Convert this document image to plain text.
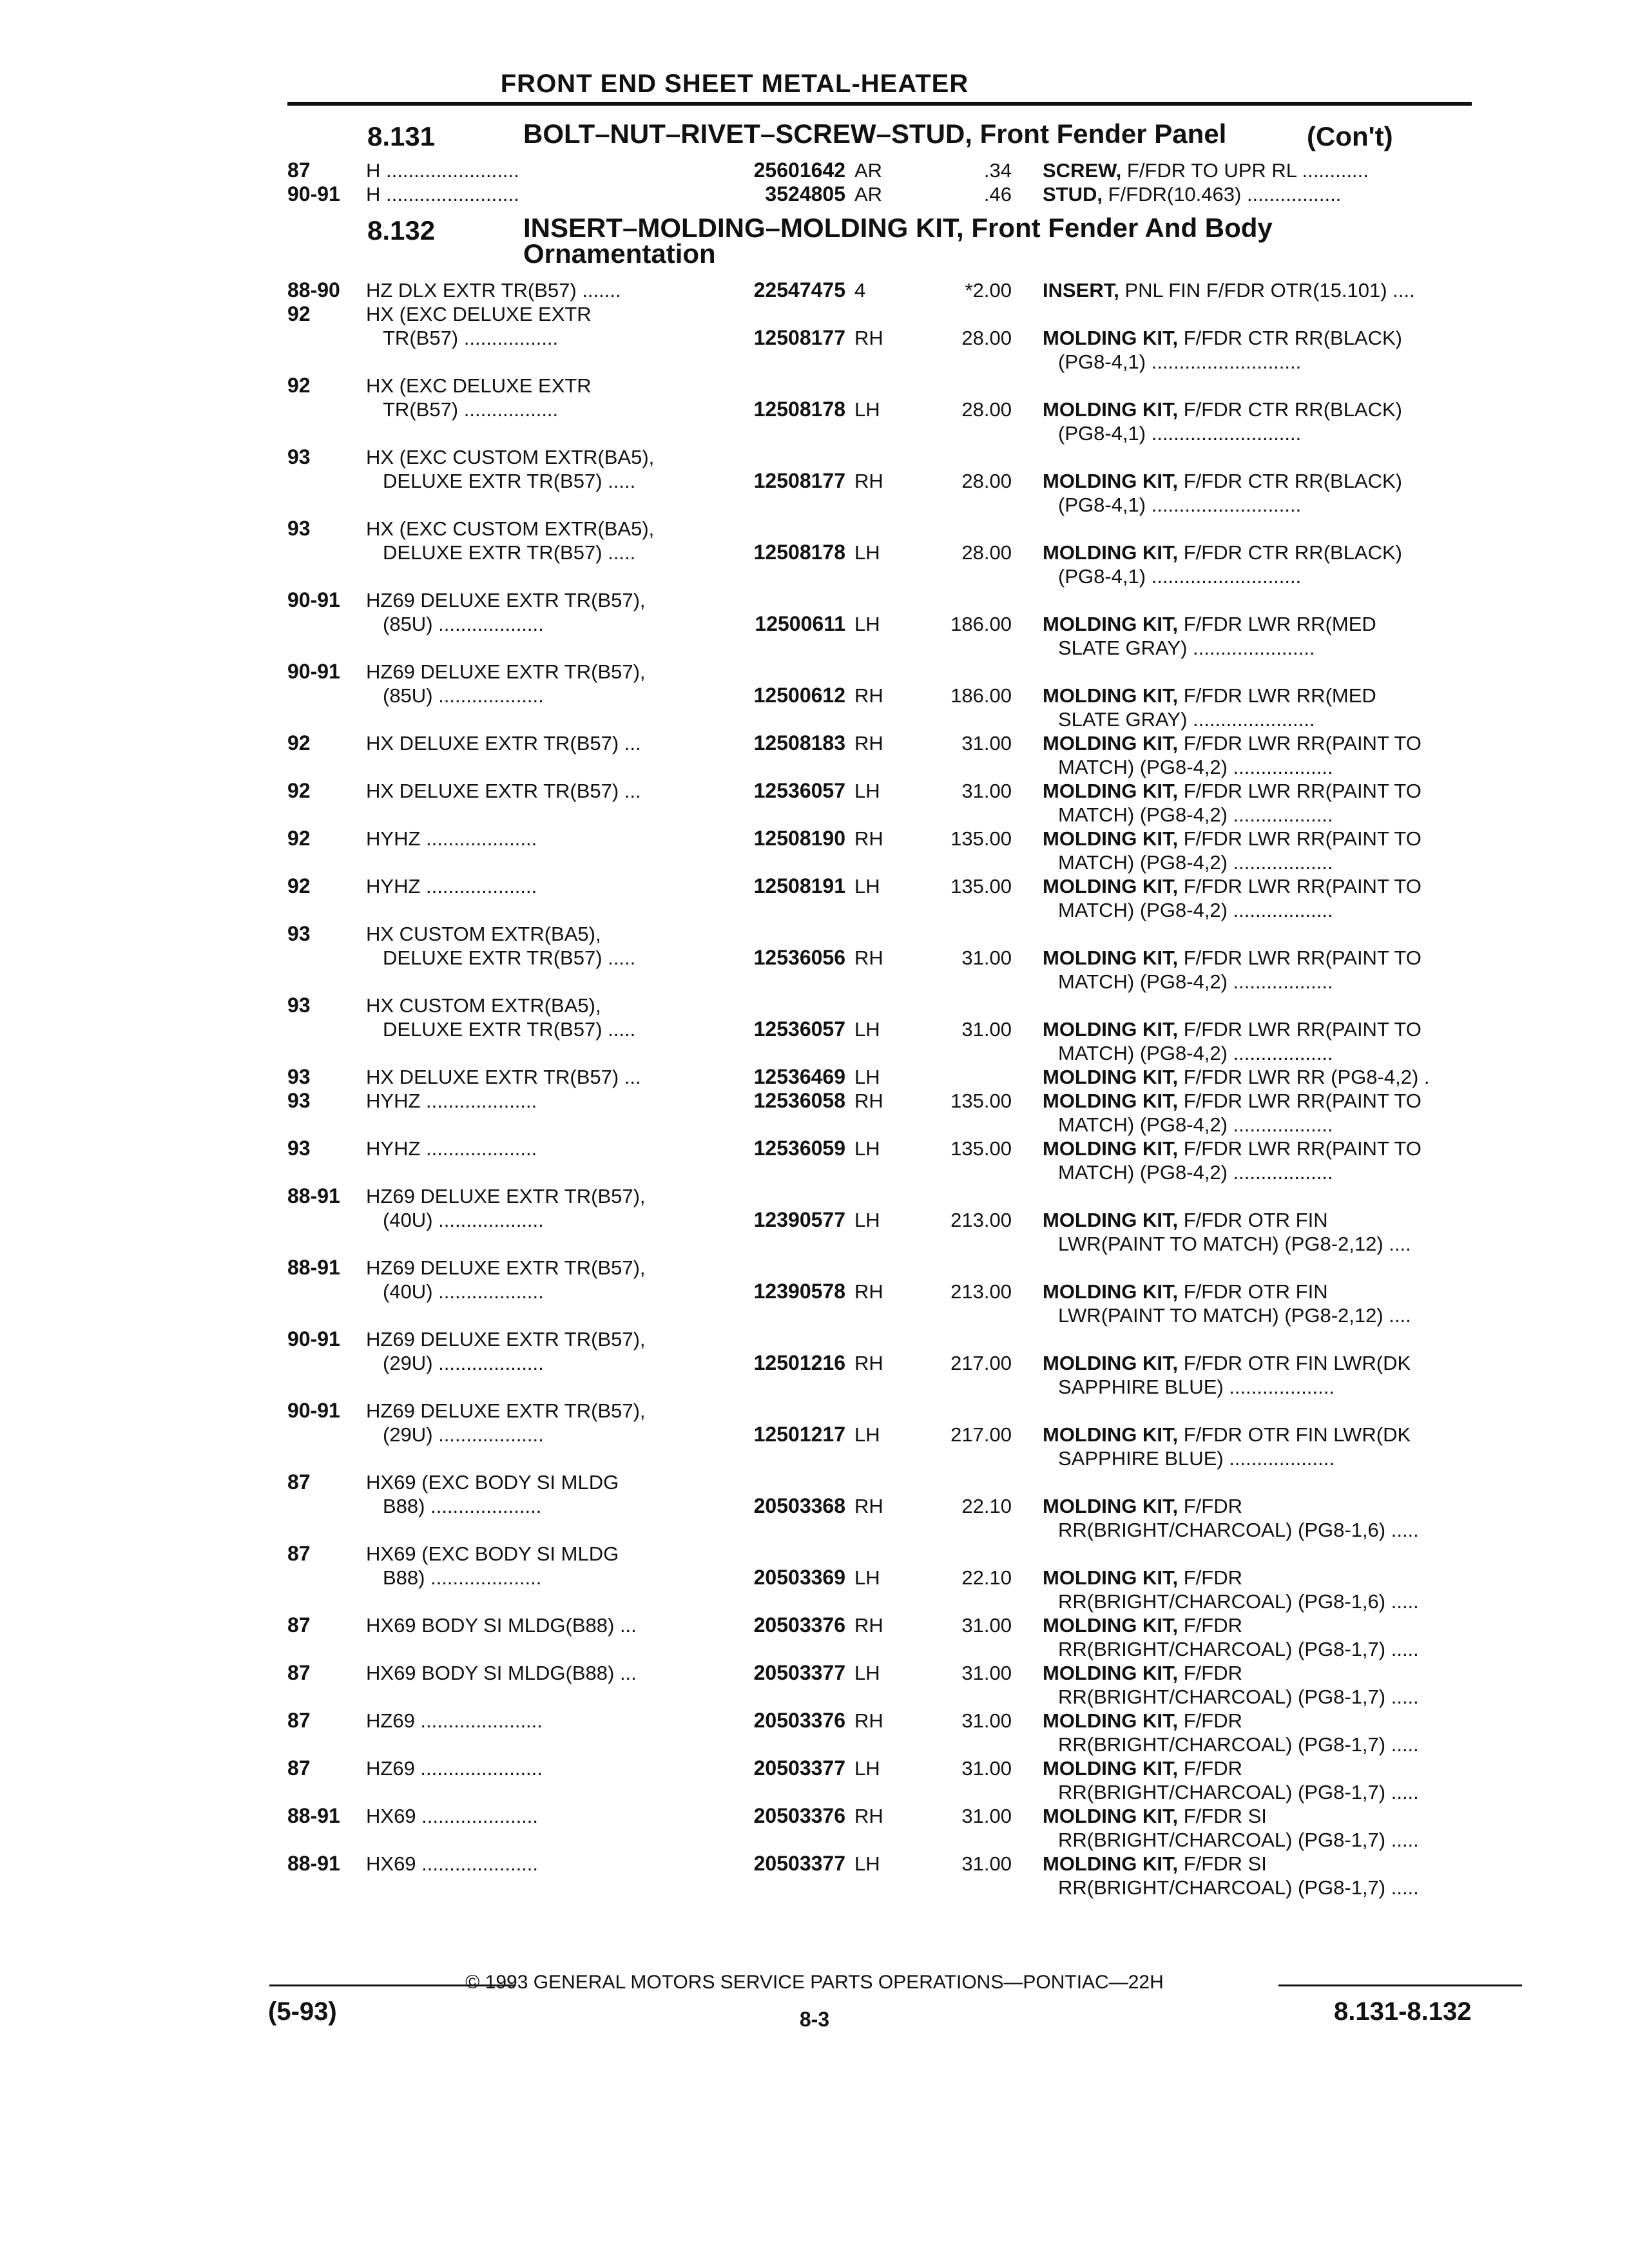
FRONT END SHEET METAL-HEATER
8.131	BOLT–NUT–RIVET–SCREW–STUD, Front Fender Panel	(Con't)
87	H ........................	25601642 AR	.34 SCREW, F/FDR TO UPR RL ............
90-91 H ........................	3524805 AR	.46 STUD, F/FDR(10.463) .................
8.132	INSERT–MOLDING–MOLDING KIT, Front Fender And Body
Ornamentation
88-90 HZ DLX EXTR TR(B57) .......	22547475 4	*2.00 INSERT, PNL FIN F/FDR OTR(15.101) ....
92	HX (EXC DELUXE EXTR
TR(B57) .................	12508177 RH	28.00 MOLDING KIT, F/FDR CTR RR(BLACK)
(PG8-4,1) ...........................
92	HX (EXC DELUXE EXTR
TR(B57) .................	12508178 LH	28.00 MOLDING KIT, F/FDR CTR RR(BLACK)
(PG8-4,1) ...........................
93	HX (EXC CUSTOM EXTR(BA5),
DELUXE EXTR TR(B57) .....	12508177 RH	28.00 MOLDING KIT, F/FDR CTR RR(BLACK)
(PG8-4,1) ...........................
93	HX (EXC CUSTOM EXTR(BA5),
DELUXE EXTR TR(B57) .....	12508178 LH	28.00 MOLDING KIT, F/FDR CTR RR(BLACK)
(PG8-4,1) ...........................
90-91 HZ69 DELUXE EXTR TR(B57),
(85U) ...................	12500611 LH	186.00 MOLDING KIT, F/FDR LWR RR(MED
SLATE GRAY) ......................
90-91 HZ69 DELUXE EXTR TR(B57),
(85U) ...................	12500612 RH	186.00 MOLDING KIT, F/FDR LWR RR(MED
SLATE GRAY) ......................
92	HX DELUXE EXTR TR(B57) ...	12508183 RH	31.00 MOLDING KIT, F/FDR LWR RR(PAINT TO
MATCH) (PG8-4,2) ..................
92	HX DELUXE EXTR TR(B57) ...	12536057 LH	31.00 MOLDING KIT, F/FDR LWR RR(PAINT TO
MATCH) (PG8-4,2) ..................
92	HYHZ ....................	12508190 RH	135.00 MOLDING KIT, F/FDR LWR RR(PAINT TO
MATCH) (PG8-4,2) ..................
92	HYHZ ....................	12508191 LH	135.00 MOLDING KIT, F/FDR LWR RR(PAINT TO
MATCH) (PG8-4,2) ..................
93	HX CUSTOM EXTR(BA5),
DELUXE EXTR TR(B57) .....	12536056 RH	31.00 MOLDING KIT, F/FDR LWR RR(PAINT TO
MATCH) (PG8-4,2) ..................
93	HX CUSTOM EXTR(BA5),
DELUXE EXTR TR(B57) .....	12536057 LH	31.00 MOLDING KIT, F/FDR LWR RR(PAINT TO
MATCH) (PG8-4,2) ..................
93	HX DELUXE EXTR TR(B57) ...	12536469 LH	MOLDING KIT, F/FDR LWR RR (PG8-4,2) .
93	HYHZ ....................	12536058 RH	135.00 MOLDING KIT, F/FDR LWR RR(PAINT TO
MATCH) (PG8-4,2) ..................
93	HYHZ ....................	12536059 LH	135.00 MOLDING KIT, F/FDR LWR RR(PAINT TO
MATCH) (PG8-4,2) ..................
88-91 HZ69 DELUXE EXTR TR(B57),
(40U) ...................	12390577 LH	213.00 MOLDING KIT, F/FDR OTR FIN
LWR(PAINT TO MATCH) (PG8-2,12) ....
88-91 HZ69 DELUXE EXTR TR(B57),
(40U) ...................	12390578 RH	213.00 MOLDING KIT, F/FDR OTR FIN
LWR(PAINT TO MATCH) (PG8-2,12) ....
90-91 HZ69 DELUXE EXTR TR(B57),
(29U) ...................	12501216 RH	217.00 MOLDING KIT, F/FDR OTR FIN LWR(DK
SAPPHIRE BLUE) ...................
90-91 HZ69 DELUXE EXTR TR(B57),
(29U) ...................	12501217 LH	217.00 MOLDING KIT, F/FDR OTR FIN LWR(DK
SAPPHIRE BLUE) ...................
87	HX69 (EXC BODY SI MLDG
B88) ....................	20503368 RH	22.10 MOLDING KIT, F/FDR
RR(BRIGHT/CHARCOAL) (PG8-1,6) .....
87	HX69 (EXC BODY SI MLDG
B88) ....................	20503369 LH	22.10 MOLDING KIT, F/FDR
RR(BRIGHT/CHARCOAL) (PG8-1,6) .....
87	HX69 BODY SI MLDG(B88) ...	20503376 RH	31.00 MOLDING KIT, F/FDR
RR(BRIGHT/CHARCOAL) (PG8-1,7) .....
87	HX69 BODY SI MLDG(B88) ...	20503377 LH	31.00 MOLDING KIT, F/FDR
RR(BRIGHT/CHARCOAL) (PG8-1,7) .....
87	HZ69 ......................	20503376 RH	31.00 MOLDING KIT, F/FDR
RR(BRIGHT/CHARCOAL) (PG8-1,7) .....
87	HZ69 ......................	20503377 LH	31.00 MOLDING KIT, F/FDR
RR(BRIGHT/CHARCOAL) (PG8-1,7) .....
88-91 HX69 .....................	20503376 RH	31.00 MOLDING KIT, F/FDR SI
RR(BRIGHT/CHARCOAL) (PG8-1,7) .....
88-91 HX69 .....................	20503377 LH	31.00 MOLDING KIT, F/FDR SI
RR(BRIGHT/CHARCOAL) (PG8-1,7) .....
© 1993 GENERAL MOTORS SERVICE PARTS OPERATIONS—PONTIAC—22H
(5-93)	8-3	8.131-8.132
